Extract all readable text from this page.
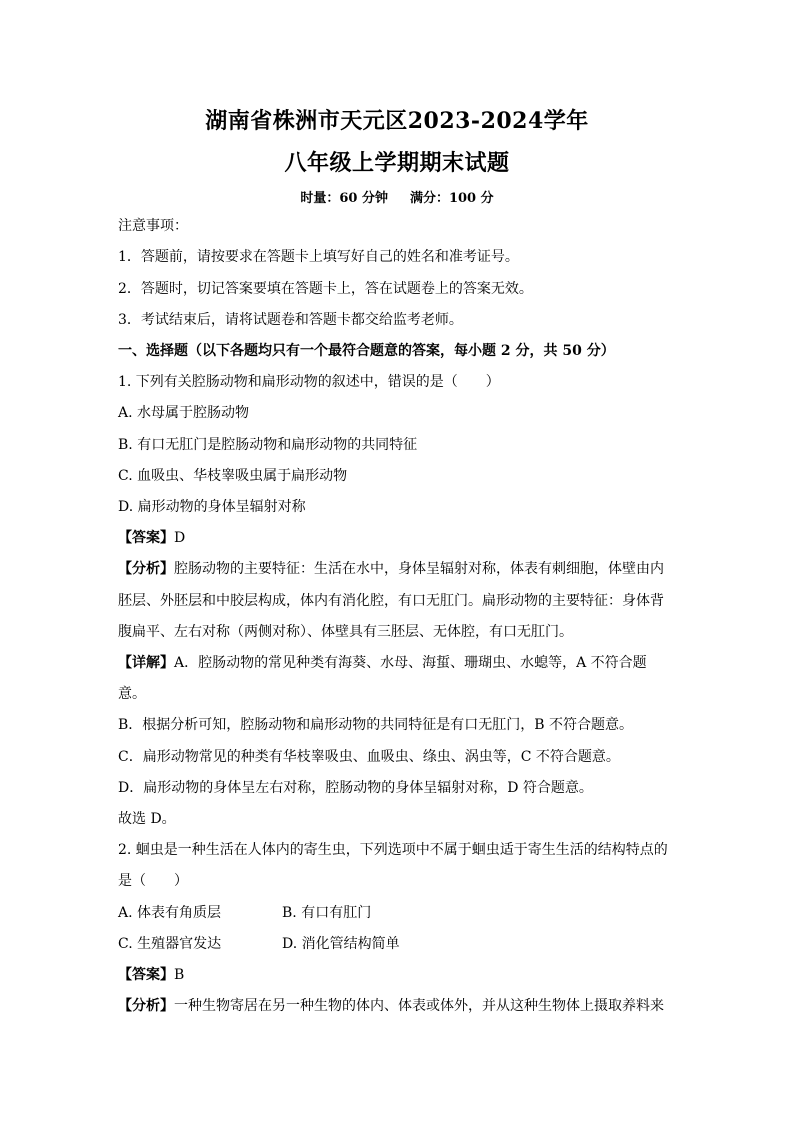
湖南省株洲市天元区2023-2024学年
八年级上学期期末试题
时量：60 分钟 满分：100 分
注意事项：
1．答题前，请按要求在答题卡上填写好自己的姓名和准考证号。
2．答题时，切记答案要填在答题卡上，答在试题卷上的答案无效。
3．考试结束后，请将试题卷和答题卡都交给监考老师。
一、选择题（以下各题均只有一个最符合题意的答案，每小题 2 分，共 50 分）
1. 下列有关腔肠动物和扁形动物的叙述中，错误的是（　　）
A. 水母属于腔肠动物
B. 有口无肛门是腔肠动物和扁形动物的共同特征
C. 血吸虫、华枝睾吸虫属于扁形动物
D. 扁形动物的身体呈辐射对称
【答案】D
【分析】腔肠动物的主要特征：生活在水中，身体呈辐射对称，体表有刺细胞，体壁由内
胚层、外胚层和中胶层构成，体内有消化腔，有口无肛门。扁形动物的主要特征：身体背
腹扁平、左右对称（两侧对称）、体壁具有三胚层、无体腔，有口无肛门。
【详解】A．腔肠动物的常见种类有海葵、水母、海蜇、珊瑚虫、水螅等，A 不符合题
意。
B．根据分析可知，腔肠动物和扁形动物的共同特征是有口无肛门，B 不符合题意。
C．扁形动物常见的种类有华枝睾吸虫、血吸虫、绦虫、涡虫等，C 不符合题意。
D．扁形动物的身体呈左右对称，腔肠动物的身体呈辐射对称，D 符合题意。
故选 D。
2. 蛔虫是一种生活在人体内的寄生虫，下列选项中不属于蛔虫适于寄生生活的结构特点的
是（　　）
A. 体表有角质层	B. 有口有肛门
C. 生殖器官发达	D. 消化管结构简单
【答案】B
【分析】一种生物寄居在另一种生物的体内、体表或体外，并从这种生物体上摄取养料来
